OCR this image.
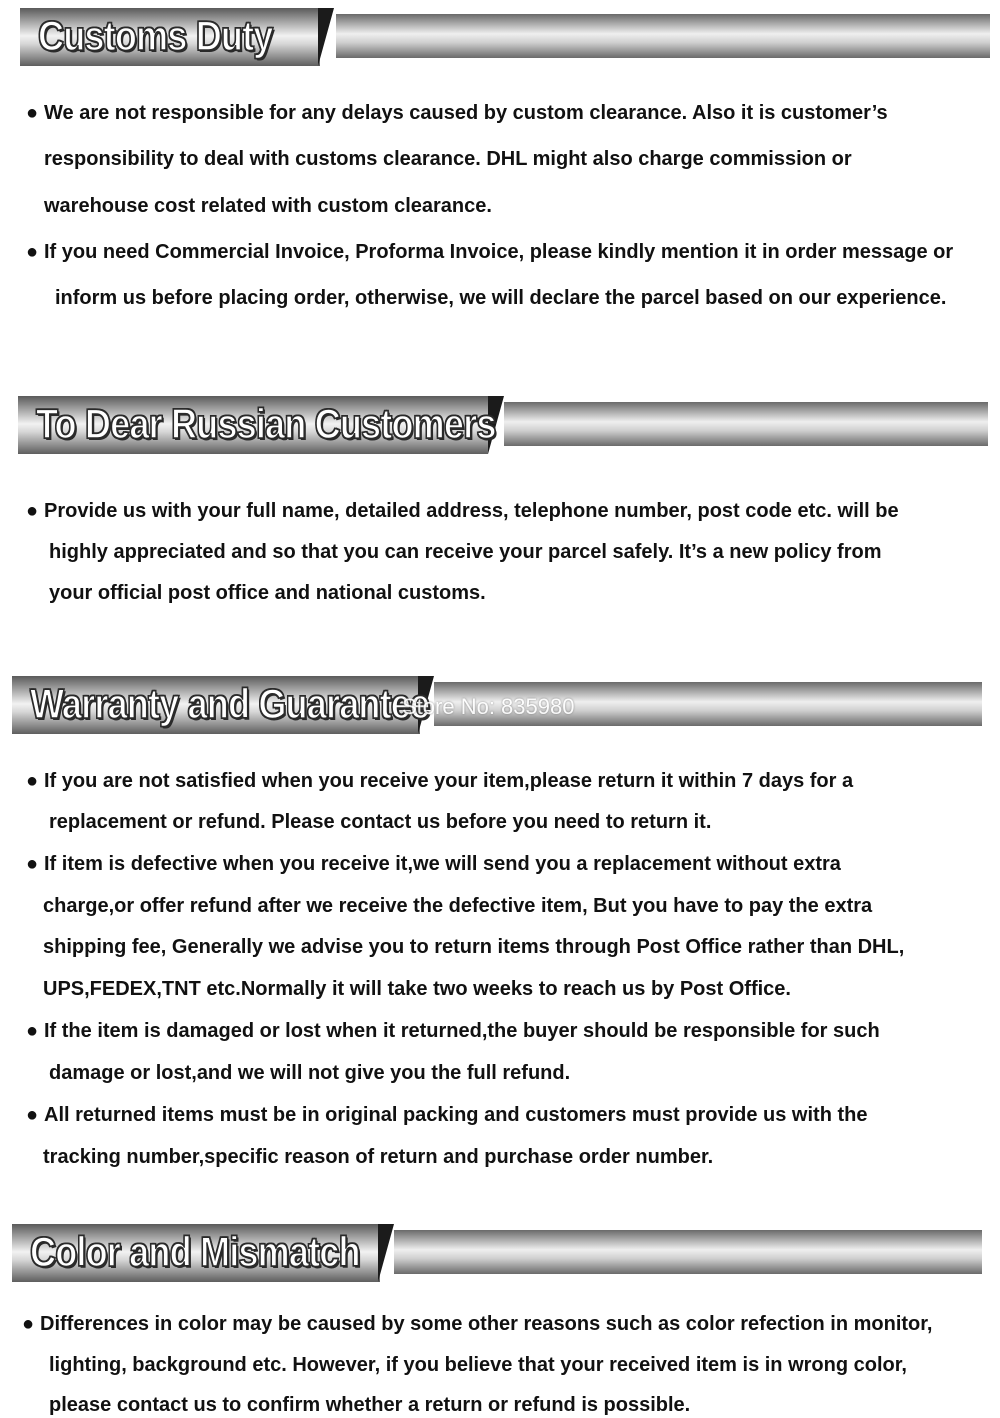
Customs Duty

● We are not responsible for any delays caused by custom clearance. Also it is customer’s

responsibility to deal with customs clearance. DHL might also charge commission or

warehouse cost related with custom clearance.

● If you need Commercial Invoice, Proforma Invoice, please kindly mention it in order message or

inform us before placing order, otherwise, we will declare the parcel based on our experience.

To Dear Russian Customers

● Provide us with your full name, detailed address, telephone number, post code etc. will be

highly appreciated and so that you can receive your parcel safely. It’s a new policy from

your official post office and national customs.

Warranty and Guarantee
Store No: 835980

● If you are not satisfied when you receive your item,please return it within 7 days for a

replacement or refund. Please contact us before you need to return it.

● If item is defective when you receive it,we will send you a replacement without extra

charge,or offer refund after we receive the defective item, But you have to pay the extra

shipping fee, Generally we advise you to return items through Post Office rather than DHL,

UPS,FEDEX,TNT etc.Normally it will take two weeks to reach us by Post Office.

● If the item is damaged or lost when it returned,the buyer should be responsible for such

damage or lost,and we will not give you the full refund.

● All returned items must be in original packing and customers must provide us with the

tracking number,specific reason of return and purchase order number.

Color and Mismatch

● Differences in color may be caused by some other reasons such as color refection in monitor,

lighting, background etc. However, if you believe that your received item is in wrong color,

please contact us to confirm whether a return or refund is possible.
